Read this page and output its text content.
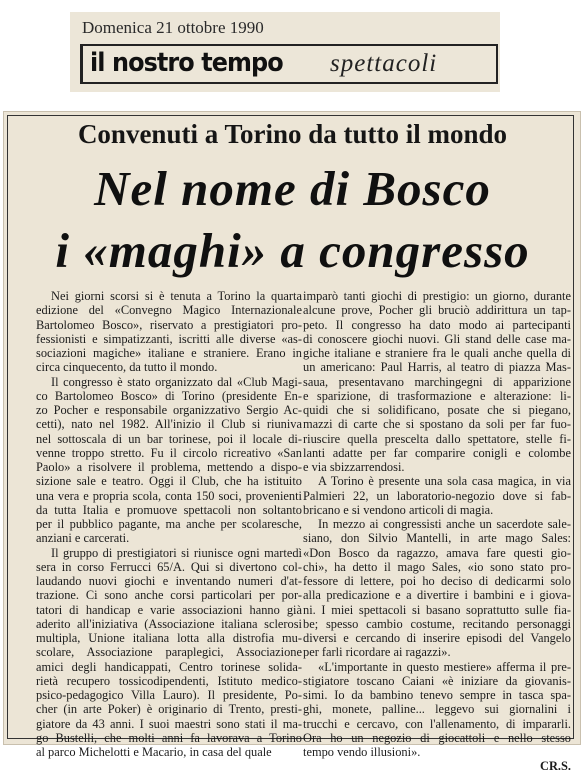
Domenica 21 ottobre 1990
il nostro tempo spettacoli
Convenuti a Torino da tutto il mondo
Nel nome di Bosco
i «maghi» a congresso
Nei giorni scorsi si è tenuta a Torino la quarta
edizione del «Convegno Magico Internazionale
Bartolomeo Bosco», riservato a prestigiatori pro-
fessionisti e simpatizzanti, iscritti alle diverse «as-
sociazioni magiche» italiane e straniere. Erano in
circa cinquecento, da tutto il mondo.
Il congresso è stato organizzato dal «Club Magi-
co Bartolomeo Bosco» di Torino (presidente En-
zo Pocher e responsabile organizzativo Sergio Ac-
cetti), nato nel 1982. All'inizio il Club si riuniva
nel sottoscala di un bar torinese, poi il locale di-
venne troppo stretto. Fu il circolo ricreativo «San
Paolo» a risolvere il problema, mettendo a dispo-
sizione sale e teatro. Oggi il Club, che ha istituito
una vera e propria scola, conta 150 soci, provenienti
da tutta Italia e promuove spettacoli non soltanto
per il pubblico pagante, ma anche per scolaresche,
anziani e carcerati.
Il gruppo di prestigiatori si riunisce ogni martedì
sera in corso Ferrucci 65/A. Qui si divertono col-
laudando nuovi giochi e inventando numeri d'at-
trazione. Ci sono anche corsi particolari per por-
tatori di handicap e varie associazioni hanno già
aderito all'iniziativa (Associazione italiana sclerosi
multipla, Unione italiana lotta alla distrofia mu-
scolare, Associazione paraplegici, Associazione
amici degli handicappati, Centro torinese solida-
rietà recupero tossicodipendenti, Istituto medico-
psico-pedagogico Villa Lauro). Il presidente, Po-
cher (in arte Poker) è originario di Trento, presti-
giatore da 43 anni. I suoi maestri sono stati il ma-
go Bustelli, che molti anni fa lavorava a Torino
al parco Michelotti e Macario, in casa del quale
imparò tanti giochi di prestigio: un giorno, durante
alcune prove, Pocher gli bruciò addirittura un tap-
peto. Il congresso ha dato modo ai partecipanti
di conoscere giochi nuovi. Gli stand delle case ma-
giche italiane e straniere fra le quali anche quella di
un americano: Paul Harris, al teatro di piazza Mas-
saua, presentavano marchingegni di apparizione
e sparizione, di trasformazione e alterazione: li-
quidi che si solidificano, posate che si piegano,
mazzi di carte che si spostano da soli per far fuo-
riuscire quella prescelta dallo spettatore, stelle fi-
lanti adatte per far comparire conigli e colombe
e via sbizzarrendosi.
A Torino è presente una sola casa magica, in via
Palmieri 22, un laboratorio-negozio dove si fab-
bricano e si vendono articoli di magia.
In mezzo ai congressisti anche un sacerdote sale-
siano, don Silvio Mantelli, in arte mago Sales:
«Don Bosco da ragazzo, amava fare questi gio-
chi», ha detto il mago Sales, «io sono stato pro-
fessore di lettere, poi ho deciso di dedicarmi solo
alla predicazione e a divertire i bambini e i giova-
ni. I miei spettacoli si basano soprattutto sulle fia-
be; spesso cambio costume, recitando personaggi
diversi e cercando di inserire episodi del Vangelo
per farli ricordare ai ragazzi».
«L'importante in questo mestiere» afferma il pre-
stigiatore toscano Caiani «è iniziare da giovanis-
simi. Io da bambino tenevo sempre in tasca spa-
ghi, monete, palline... leggevo sui giornalini i
trucchi e cercavo, con l'allenamento, di impararli.
Ora ho un negozio di giocattoli e nello stesso
tempo vendo illusioni».
CR.S.
